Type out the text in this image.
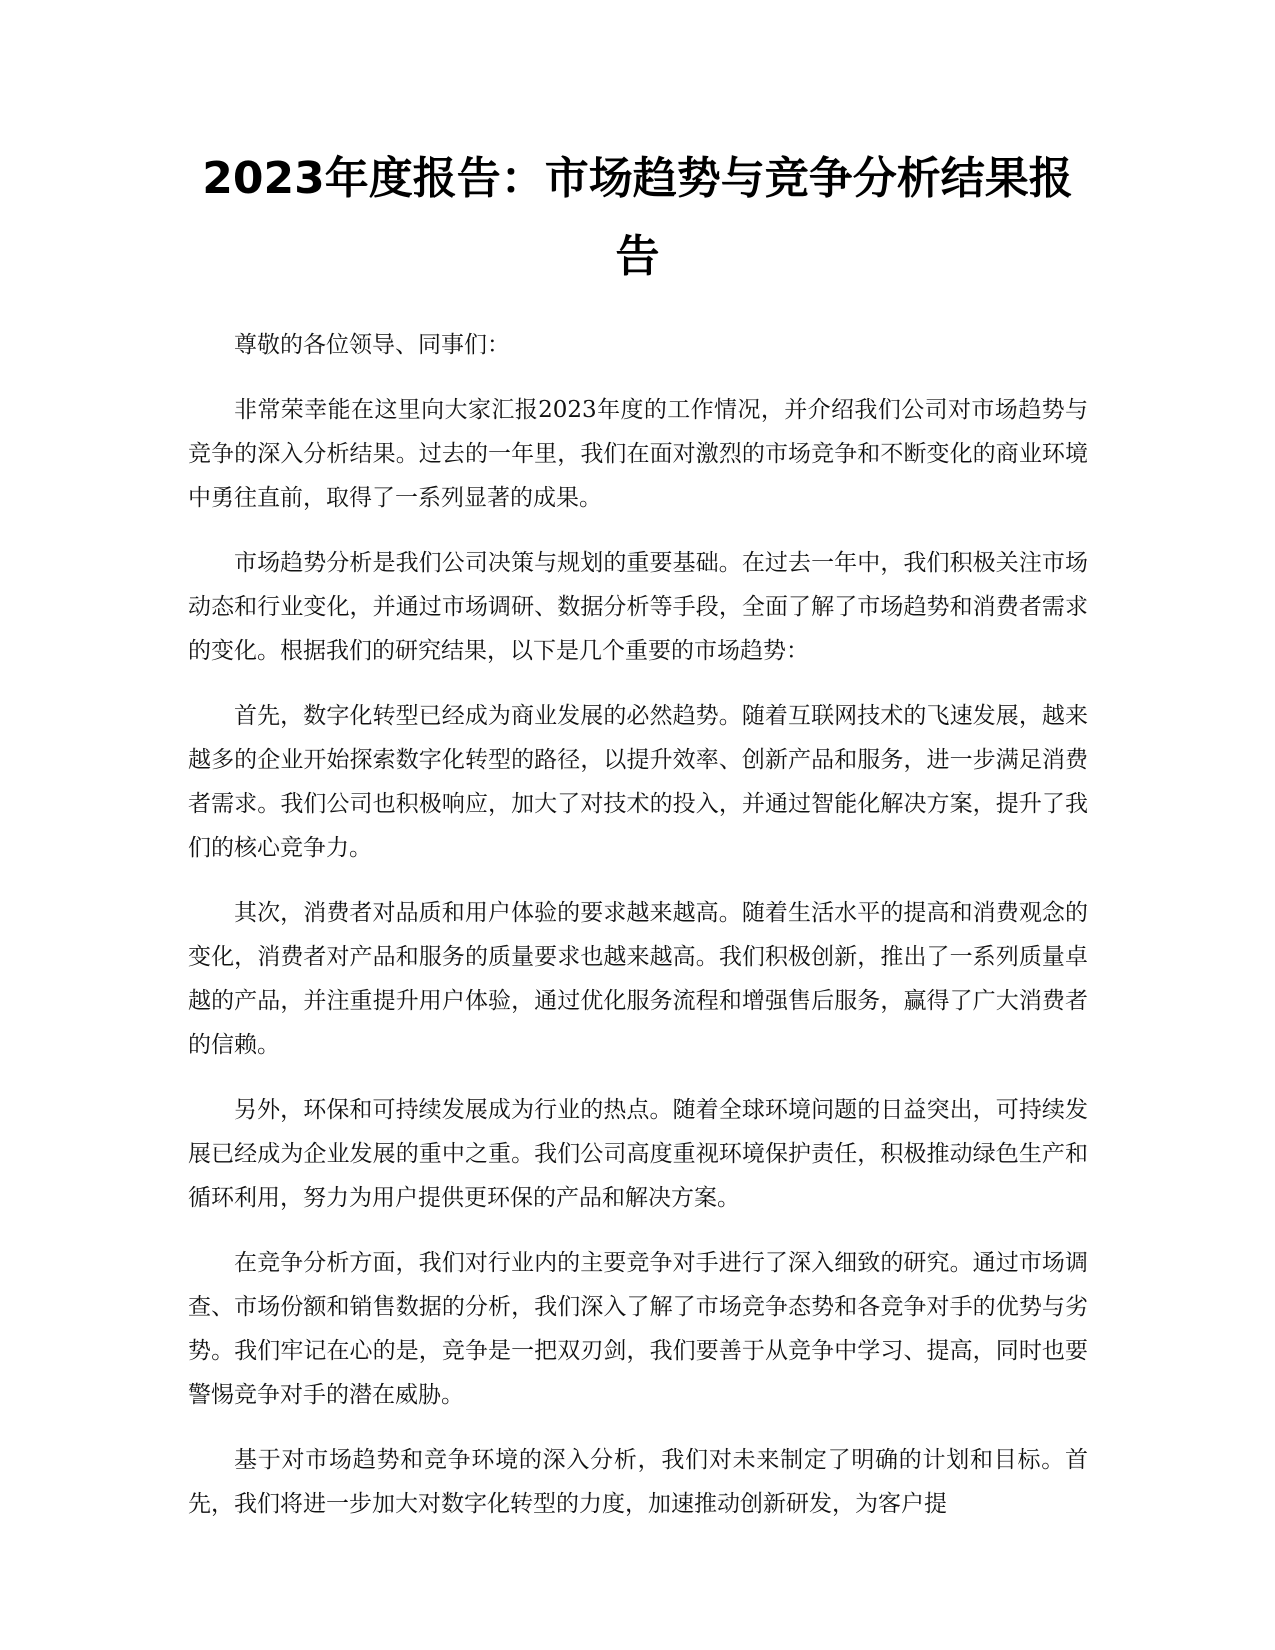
2023年度报告：市场趋势与竞争分析结果报告

尊敬的各位领导、同事们：

非常荣幸能在这里向大家汇报2023年度的工作情况，并介绍我们公司对市场趋势与竞争的深入分析结果。过去的一年里，我们在面对激烈的市场竞争和不断变化的商业环境中勇往直前，取得了一系列显著的成果。

市场趋势分析是我们公司决策与规划的重要基础。在过去一年中，我们积极关注市场动态和行业变化，并通过市场调研、数据分析等手段，全面了解了市场趋势和消费者需求的变化。根据我们的研究结果，以下是几个重要的市场趋势：

首先，数字化转型已经成为商业发展的必然趋势。随着互联网技术的飞速发展，越来越多的企业开始探索数字化转型的路径，以提升效率、创新产品和服务，进一步满足消费者需求。我们公司也积极响应，加大了对技术的投入，并通过智能化解决方案，提升了我们的核心竞争力。

其次，消费者对品质和用户体验的要求越来越高。随着生活水平的提高和消费观念的变化，消费者对产品和服务的质量要求也越来越高。我们积极创新，推出了一系列质量卓越的产品，并注重提升用户体验，通过优化服务流程和增强售后服务，赢得了广大消费者的信赖。

另外，环保和可持续发展成为行业的热点。随着全球环境问题的日益突出，可持续发展已经成为企业发展的重中之重。我们公司高度重视环境保护责任，积极推动绿色生产和循环利用，努力为用户提供更环保的产品和解决方案。

在竞争分析方面，我们对行业内的主要竞争对手进行了深入细致的研究。通过市场调查、市场份额和销售数据的分析，我们深入了解了市场竞争态势和各竞争对手的优势与劣势。我们牢记在心的是，竞争是一把双刃剑，我们要善于从竞争中学习、提高，同时也要警惕竞争对手的潜在威胁。

基于对市场趋势和竞争环境的深入分析，我们对未来制定了明确的计划和目标。首先，我们将进一步加大对数字化转型的力度，加速推动创新研发，为客户提
